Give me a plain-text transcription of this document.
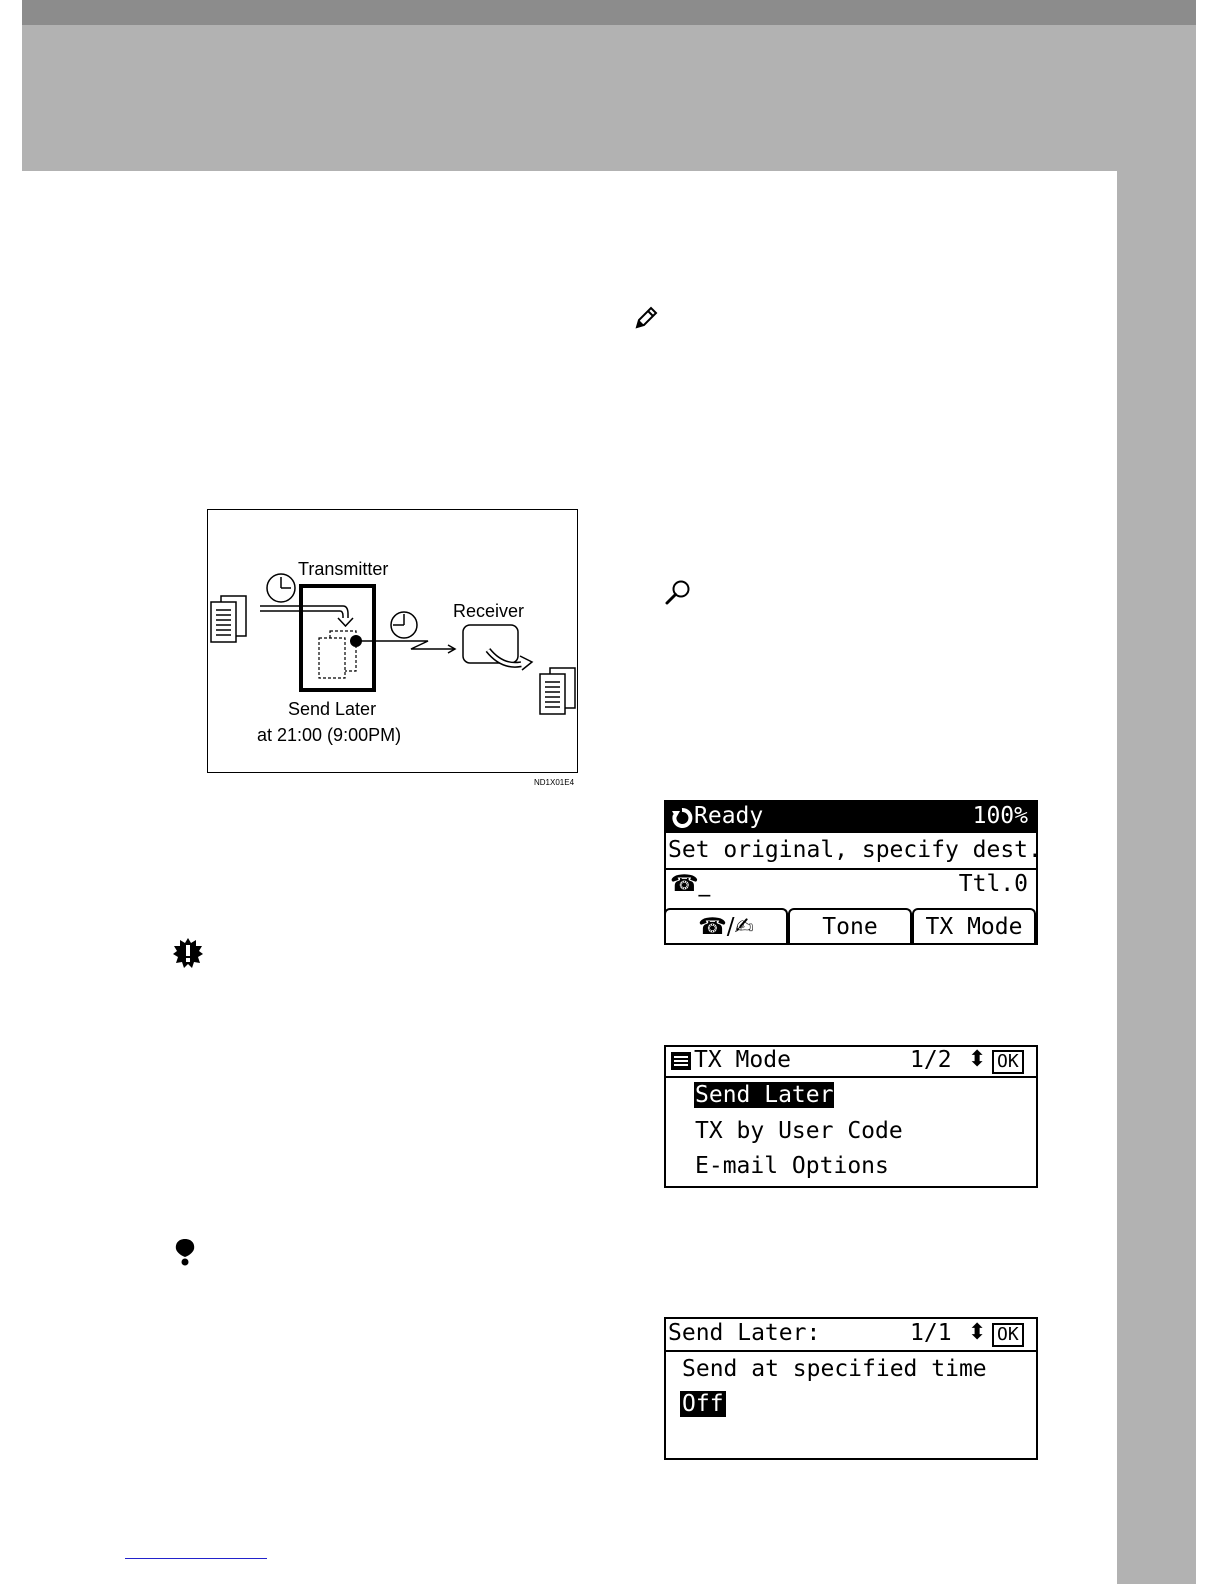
Transmitter
Receiver
Send Later
at 21:00 (9:00PM)
ND1X01E4
Ready	100%
Set original, specify dest.
☎_	Ttl.0
☎/✍	Tone TX Mode
TX Mode	1/2 ⬍ OK
Send Later
TX by User Code
E-mail Options
Send Later:	1/1 ⬍ OK
Send at specified time
Off
